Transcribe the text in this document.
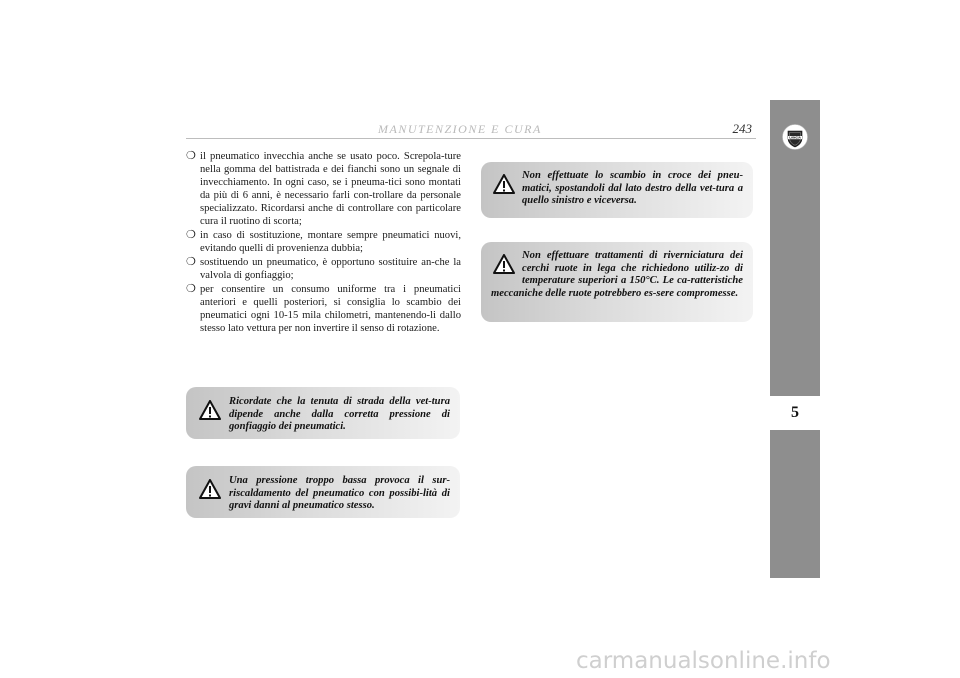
MANUTENZIONE E CURA	243
❍ il pneumatico invecchia anche se usato poco. Screpola-ture nella gomma del battistrada e dei fianchi sono un segnale di invecchiamento. In ogni caso, se i pneuma-tici sono montati da più di 6 anni, è necessario farli con-trollare da personale specializzato. Ricordarsi anche di controllare con particolare cura il ruotino di scorta;
❍ in caso di sostituzione, montare sempre pneumatici nuovi, evitando quelli di provenienza dubbia;
❍ sostituendo un pneumatico, è opportuno sostituire an-che la valvola di gonfiaggio;
❍ per consentire un consumo uniforme tra i pneumatici anteriori e quelli posteriori, si consiglia lo scambio dei pneumatici ogni 10-15 mila chilometri, mantenendo-li dallo stesso lato vettura per non invertire il senso di rotazione.
Ricordate che la tenuta di strada della vet-tura dipende anche dalla corretta pressione di gonfiaggio dei pneumatici.
Una pressione troppo bassa provoca il sur-riscaldamento del pneumatico con possibi-lità di gravi danni al pneumatico stesso.
Non effettuate lo scambio in croce dei pneu-matici, spostandoli dal lato destro della vet-tura a quello sinistro e viceversa.
Non effettuare trattamenti di riverniciatura dei cerchi ruote in lega che richiedono utiliz-zo di temperature superiori a 150°C. Le ca-ratteristiche meccaniche delle ruote potrebbero es-sere compromesse.
5
LANCIA
carmanualsonline.info
